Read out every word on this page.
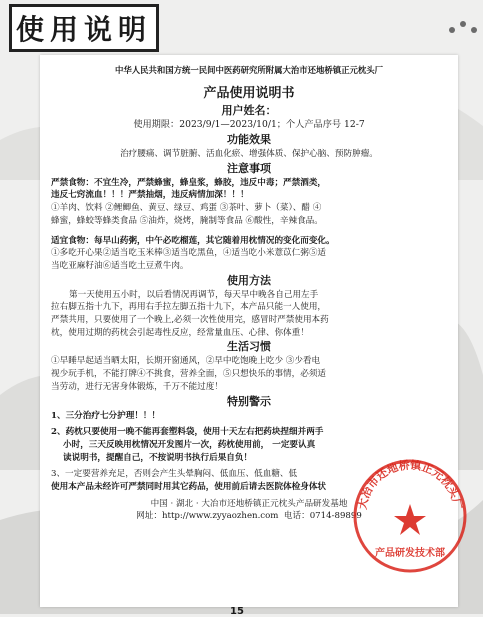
使用说明
中华人民共和国方统一民间中医药研究所附属大治市还地桥镇正元枕头厂
产品使用说明书
用户姓名：
使用期限：2023/9/1—2023/10/1；个人产品序号 12-7
功能效果
治疗腰痛、调节脏腑、活血化瘀、增强体质、保护心脑、预防肿瘤。
注意事项
严禁食物：不宜生冷，严禁蜂蜜，蜂皇浆，蜂胶，违反中毒；严禁酒类，
违反七窍流血！！！严禁抽烟，违反病情加深！！！
①羊肉、饮料 ②鲤鲫鱼、黄豆、绿豆、鸡蛋 ③茶叶、萝卜（菜）、醋 ④
蜂蜜，蜂蛟等蜂类食品 ⑤油炸，烧烤，腌制等食品 ⑥酸性，辛辣食品。
适宜食物：每早山药粥，中午必吃榴莲，其它随着用枕情况的变化而变化。
①多吃开心果②适当吃玉米棒③适当吃黑鱼，④适当吃小米薏苡仁粥⑤适
当吃亚麻籽油⑥适当吃土豆煮牛肉。
使用方法
第一天使用五小时，以后看情况再调节，每天早中晚各自己用左手
拉右脚五指十九下，再用右手拉左脚五指十九下，本产品只能一人使用，
严禁共用，只要使用了一个晚上,必须一次性使用完，感冒时严禁使用本药
枕，使用过期的药枕会引起毒性反应，经常量血压、心律、你体重！
生活习惯
①早睡早起适当晒太阳，长期开窗通风，②早中吃饱晚上吃少 ③少看电
视少玩手机，不能打牌④不挑食，营养全面，⑤只想快乐的事情，必须适
当劳动，进行无害身体锻炼，千万不能过度！
特别警示
1、三分治疗七分护理！！！
2、药枕只要使用一晚不能再套塑料袋，使用十天左右把药块捏细并两手
小时，三天反映用枕情况开发图片一次，药枕使用前， 一定要认真
读说明书，提醒自己，不按说明书执行后果自负！
3、一定要营养充足，否则会产生头晕胸闷、低血压、低血糖、低
使用本产品未经许可严禁同时用其它药品，使用前后请去医院体检身体状
中国 · 湖北 · 大冶市还地桥镇正元枕头产品研发基地
网址：http://www.zyyaozhen.com 电话：0714-89899
大冶市还地桥镇正元枕头厂
产品研发技术部
15
